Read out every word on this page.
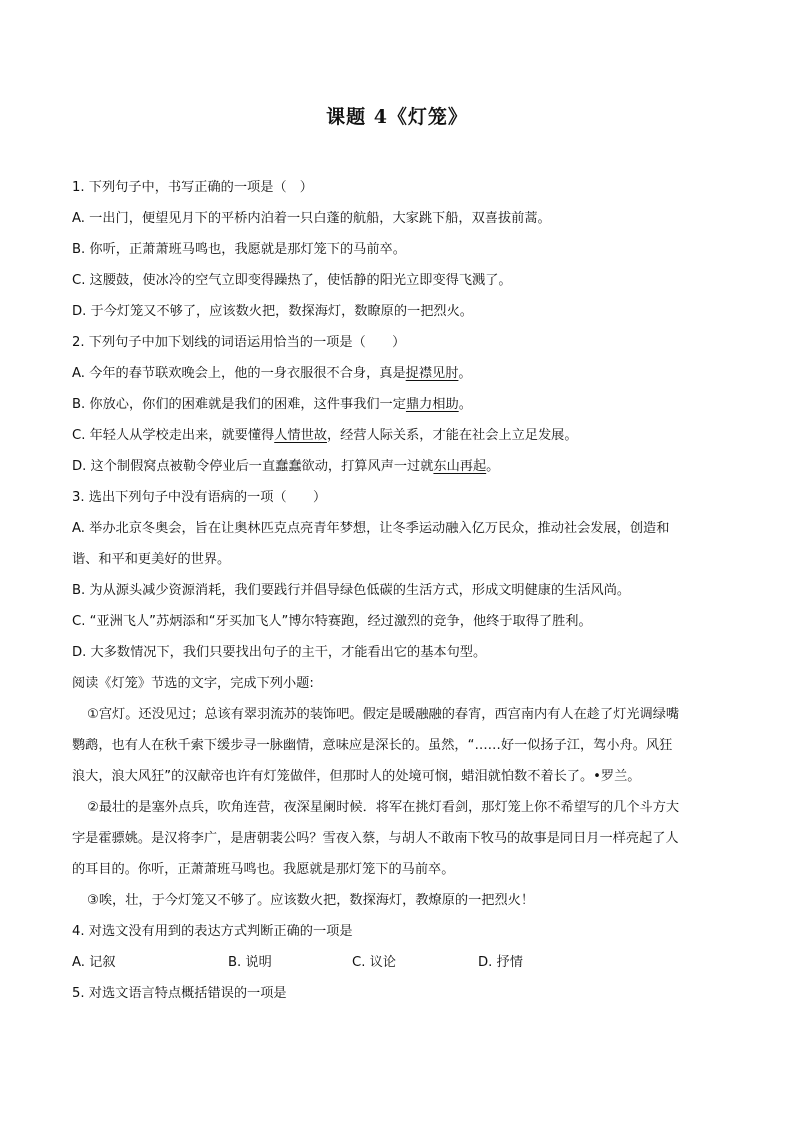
课题 4《灯笼》

1. 下列句子中，书写正确的一项是（　）

A. 一出门，便望见月下的平桥内泊着一只白蓬的航船，大家跳下船，双喜拔前蒿。

B. 你听，正萧萧班马鸣也，我愿就是那灯笼下的马前卒。

C. 这腰鼓，使冰冷的空气立即变得躁热了，使恬静的阳光立即变得飞溅了。

D. 于今灯笼又不够了，应该数火把，数探海灯，数瞭原的一把烈火。

2. 下列句子中加下划线的词语运用恰当的一项是（　　）

A. 今年的春节联欢晚会上，他的一身衣服很不合身，真是捉襟见肘。

B. 你放心，你们的困难就是我们的困难，这件事我们一定鼎力相助。

C. 年轻人从学校走出来，就要懂得人情世故，经营人际关系，才能在社会上立足发展。

D. 这个制假窝点被勒令停业后一直蠢蠢欲动，打算风声一过就东山再起。

3. 选出下列句子中没有语病的一项（　　）

A. 举办北京冬奥会，旨在让奥林匹克点亮青年梦想，让冬季运动融入亿万民众，推动社会发展，创造和

谐、和平和更美好的世界。

B. 为从源头减少资源消耗，我们要践行并倡导绿色低碳的生活方式，形成文明健康的生活风尚。

C. “亚洲飞人”苏炳添和“牙买加飞人”博尔特赛跑，经过激烈的竞争，他终于取得了胜利。

D. 大多数情况下，我们只要找出句子的主干，才能看出它的基本句型。

阅读《灯笼》节选的文字，完成下列小题:

①宫灯。还没见过；总该有翠羽流苏的装饰吧。假定是暖融融的春宵，西宫南内有人在趁了灯光调绿嘴

鹦鹉，也有人在秋千索下缓步寻一脉幽情，意味应是深长的。虽然，“……好一似扬子江，驾小舟。风狂

浪大，浪大风狂”的汉献帝也许有灯笼做伴，但那时人的处境可悯，蜡泪就怕数不着长了。•罗兰。

②最壮的是塞外点兵，吹角连营，夜深星阑时候．将军在挑灯看剑，那灯笼上你不希望写的几个斗方大

字是霍骠姚。是汉将李广，是唐朝裴公吗？雪夜入蔡，与胡人不敢南下牧马的故事是同日月一样亮起了人

的耳目的。你听，正萧萧班马鸣也。我愿就是那灯笼下的马前卒。

③唉，壮，于今灯笼又不够了。应该数火把，数探海灯，教燎原的一把烈火！

4. 对选文没有用到的表达方式判断正确的一项是

A. 记叙	B. 说明	C. 议论	D. 抒情

5. 对选文语言特点概括错误的一项是
